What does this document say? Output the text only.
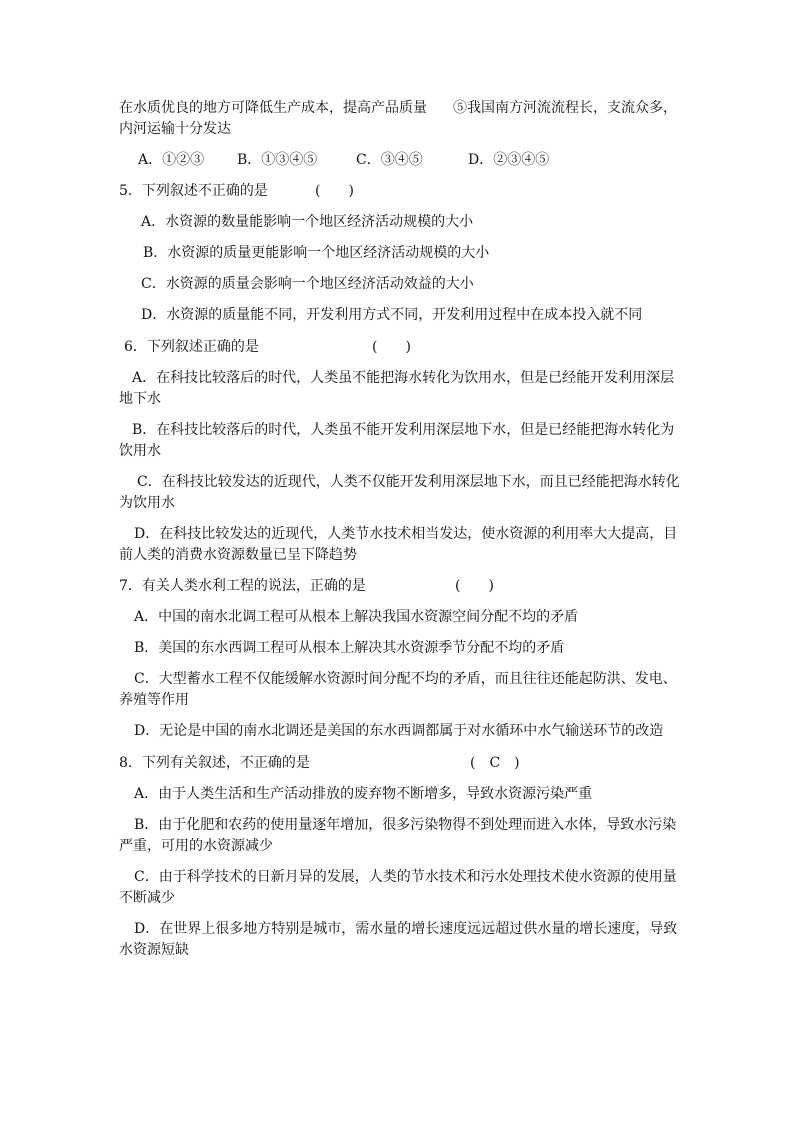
在水质优良的地方可降低生产成本，提高产品质量 ⑤我国南方河流流程长，支流众多，
内河运输十分发达
A．①②③ B．①③④⑤	C．③④⑤	D．②③④⑤
5．下列叙述不正确的是	(　　)
A．水资源的数量能影响一个地区经济活动规模的大小
B．水资源的质量更能影响一个地区经济活动规模的大小
C．水资源的质量会影响一个地区经济活动效益的大小
D．水资源的质量能不同，开发利用方式不同，开发利用过程中在成本投入就不同
6．下列叙述正确的是	(　　)
A．在科技比较落后的时代，人类虽不能把海水转化为饮用水，但是已经能开发利用深层
地下水
B．在科技比较落后的时代，人类虽不能开发利用深层地下水，但是已经能把海水转化为
饮用水
C．在科技比较发达的近现代，人类不仅能开发利用深层地下水，而且已经能把海水转化
为饮用水
D．在科技比较发达的近现代，人类节水技术相当发达，使水资源的利用率大大提高，目
前人类的消费水资源数量已呈下降趋势
7．有关人类水利工程的说法，正确的是	(　　)
A．中国的南水北调工程可从根本上解决我国水资源空间分配不均的矛盾
B．美国的东水西调工程可从根本上解决其水资源季节分配不均的矛盾
C．大型蓄水工程不仅能缓解水资源时间分配不均的矛盾，而且往往还能起防洪、发电、
养殖等作用
D．无论是中国的南水北调还是美国的东水西调都属于对水循环中水气输送环节的改造
8．下列有关叙述，不正确的是	(　C　)
A．由于人类生活和生产活动排放的废弃物不断增多，导致水资源污染严重
B．由于化肥和农药的使用量逐年增加，很多污染物得不到处理而进入水体，导致水污染
严重，可用的水资源减少
C．由于科学技术的日新月异的发展，人类的节水技术和污水处理技术使水资源的使用量
不断减少
D．在世界上很多地方特别是城市，需水量的增长速度远远超过供水量的增长速度，导致
水资源短缺
